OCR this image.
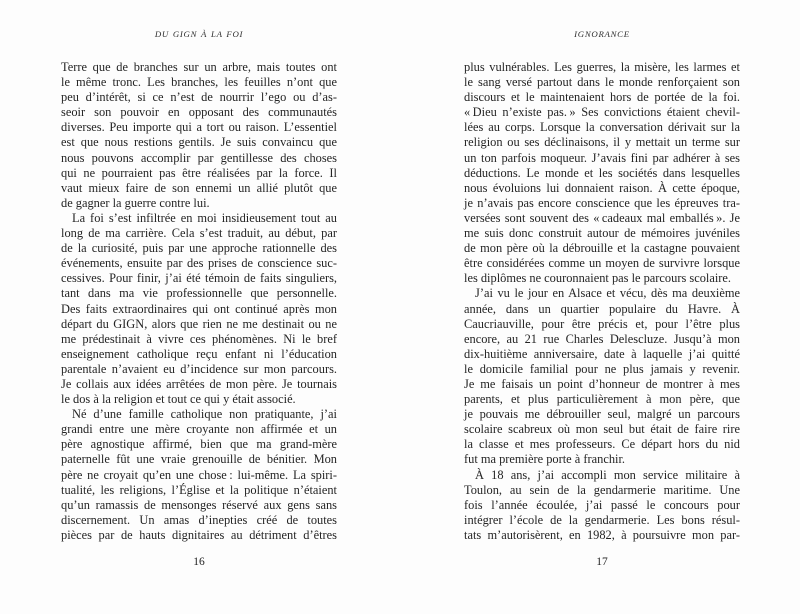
DU GIGN À LA FOI
Terre que de branches sur un arbre, mais toutes ont
le même tronc. Les branches, les feuilles n’ont que
peu d’intérêt, si ce n’est de nourrir l’ego ou d’as-
seoir son pouvoir en opposant des communautés
diverses. Peu importe qui a tort ou raison. L’essentiel
est que nous restions gentils. Je suis convaincu que
nous pouvons accomplir par gentillesse des choses
qui ne pourraient pas être réalisées par la force. Il
vaut mieux faire de son ennemi un allié plutôt que
de gagner la guerre contre lui.
La foi s’est infiltrée en moi insidieusement tout au
long de ma carrière. Cela s’est traduit, au début, par
de la curiosité, puis par une approche rationnelle des
événements, ensuite par des prises de conscience suc-
cessives. Pour finir, j’ai été témoin de faits singuliers,
tant dans ma vie professionnelle que personnelle.
Des faits extraordinaires qui ont continué après mon
départ du GIGN, alors que rien ne me destinait ou ne
me prédestinait à vivre ces phénomènes. Ni le bref
enseignement catholique reçu enfant ni l’éducation
parentale n’avaient eu d’incidence sur mon parcours.
Je collais aux idées arrêtées de mon père. Je tournais
le dos à la religion et tout ce qui y était associé.
Né d’une famille catholique non pratiquante, j’ai
grandi entre une mère croyante non affirmée et un
père agnostique affirmé, bien que ma grand-mère
paternelle fût une vraie grenouille de bénitier. Mon
père ne croyait qu’en une chose : lui-même. La spiri-
tualité, les religions, l’Église et la politique n’étaient
qu’un ramassis de mensonges réservé aux gens sans
discernement. Un amas d’inepties créé de toutes
pièces par de hauts dignitaires au détriment d’êtres
16
IGNORANCE
plus vulnérables. Les guerres, la misère, les larmes et
le sang versé partout dans le monde renforçaient son
discours et le maintenaient hors de portée de la foi.
« Dieu n’existe pas. » Ses convictions étaient chevil-
lées au corps. Lorsque la conversation dérivait sur la
religion ou ses déclinaisons, il y mettait un terme sur
un ton parfois moqueur. J’avais fini par adhérer à ses
déductions. Le monde et les sociétés dans lesquelles
nous évoluions lui donnaient raison. À cette époque,
je n’avais pas encore conscience que les épreuves tra-
versées sont souvent des « cadeaux mal emballés ». Je
me suis donc construit autour de mémoires juvéniles
de mon père où la débrouille et la castagne pouvaient
être considérées comme un moyen de survivre lorsque
les diplômes ne couronnaient pas le parcours scolaire.
J’ai vu le jour en Alsace et vécu, dès ma deuxième
année, dans un quartier populaire du Havre. À
Caucriauville, pour être précis et, pour l’être plus
encore, au 21 rue Charles Delescluze. Jusqu’à mon
dix-huitième anniversaire, date à laquelle j’ai quitté
le domicile familial pour ne plus jamais y revenir.
Je me faisais un point d’honneur de montrer à mes
parents, et plus particulièrement à mon père, que
je pouvais me débrouiller seul, malgré un parcours
scolaire scabreux où mon seul but était de faire rire
la classe et mes professeurs. Ce départ hors du nid
fut ma première porte à franchir.
À 18 ans, j’ai accompli mon service militaire à
Toulon, au sein de la gendarmerie maritime. Une
fois l’année écoulée, j’ai passé le concours pour
intégrer l’école de la gendarmerie. Les bons résul-
tats m’autorisèrent, en 1982, à poursuivre mon par-
17
